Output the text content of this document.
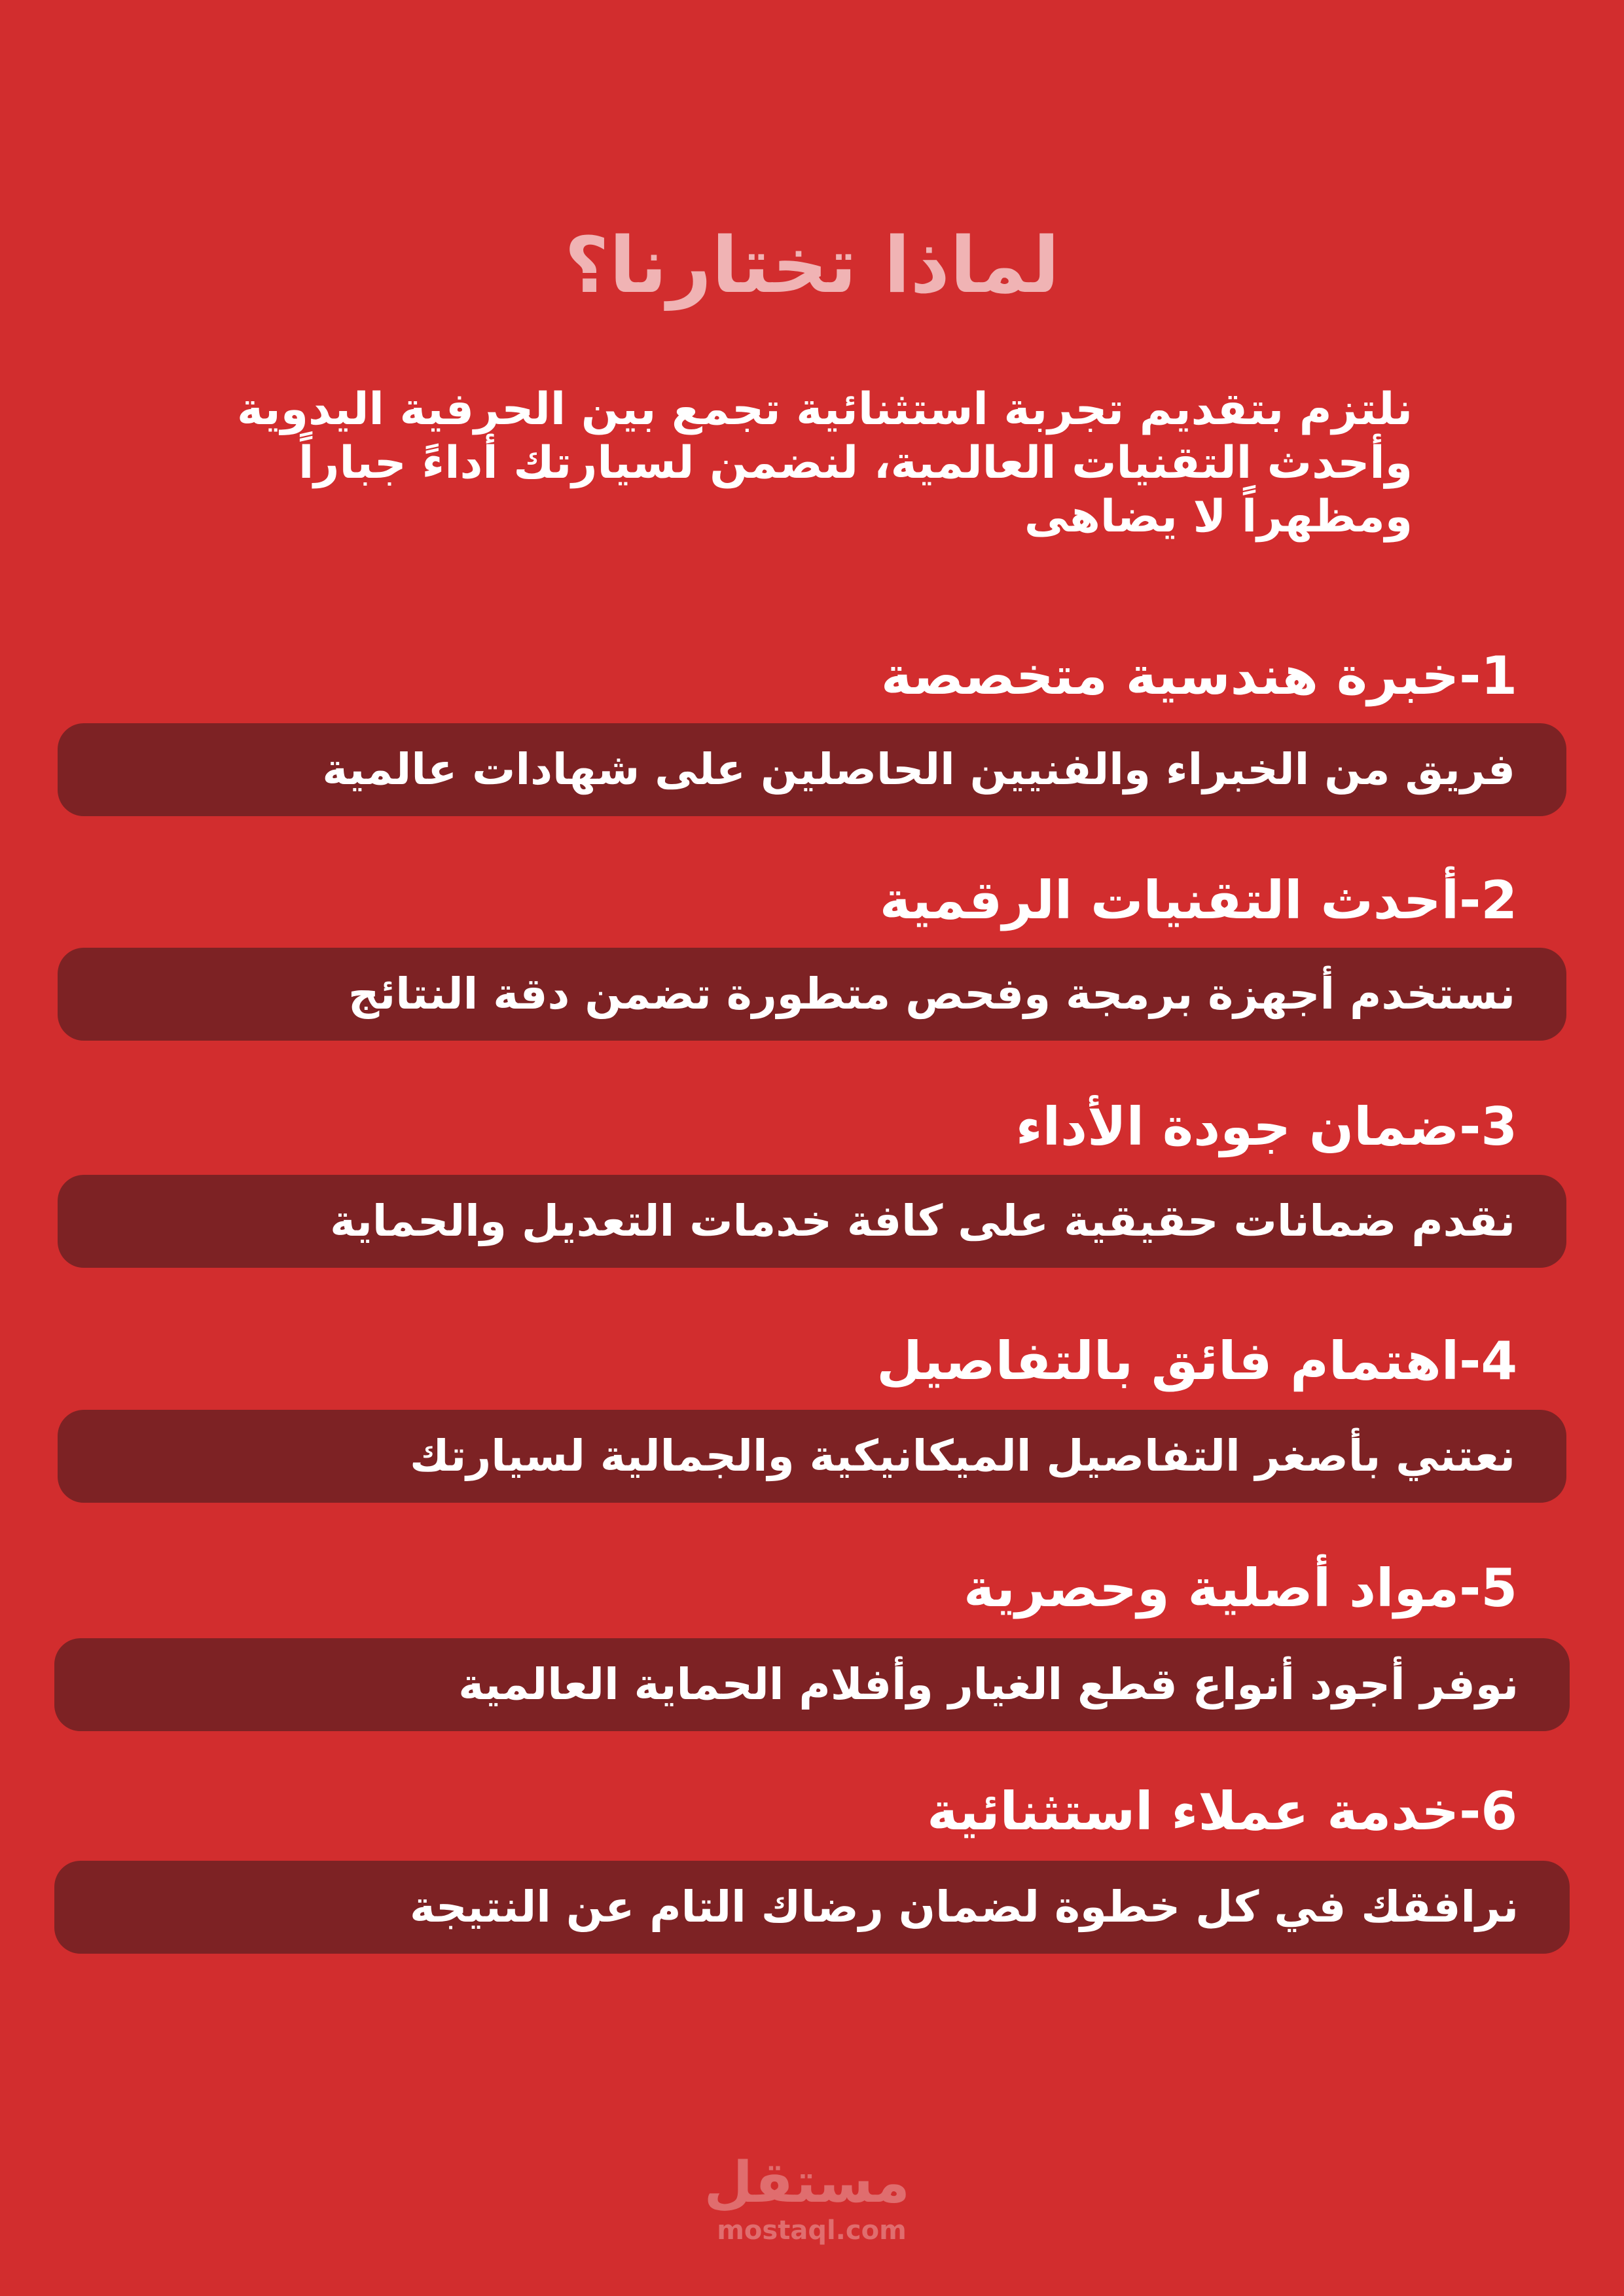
لماذا تختارنا؟
نلتزم بتقديم تجربة استثنائية تجمع بين الحرفية اليدوية
وأحدث التقنيات العالمية، لنضمن لسيارتك أداءً جباراً
ومظهراً لا يضاهى
1-خبرة هندسية متخصصة
فريق من الخبراء والفنيين الحاصلين على شهادات عالمية
2-أحدث التقنيات الرقمية
نستخدم أجهزة برمجة وفحص متطورة تضمن دقة النتائج
3-ضمان جودة الأداء
نقدم ضمانات حقيقية على كافة خدمات التعديل والحماية
4-اهتمام فائق بالتفاصيل
نعتني بأصغر التفاصيل الميكانيكية والجمالية لسيارتك
5-مواد أصلية وحصرية
نوفر أجود أنواع قطع الغيار وأفلام الحماية العالمية
6-خدمة عملاء استثنائية
نرافقك في كل خطوة لضمان رضاك التام عن النتيجة
مستقل
mostaql.com
